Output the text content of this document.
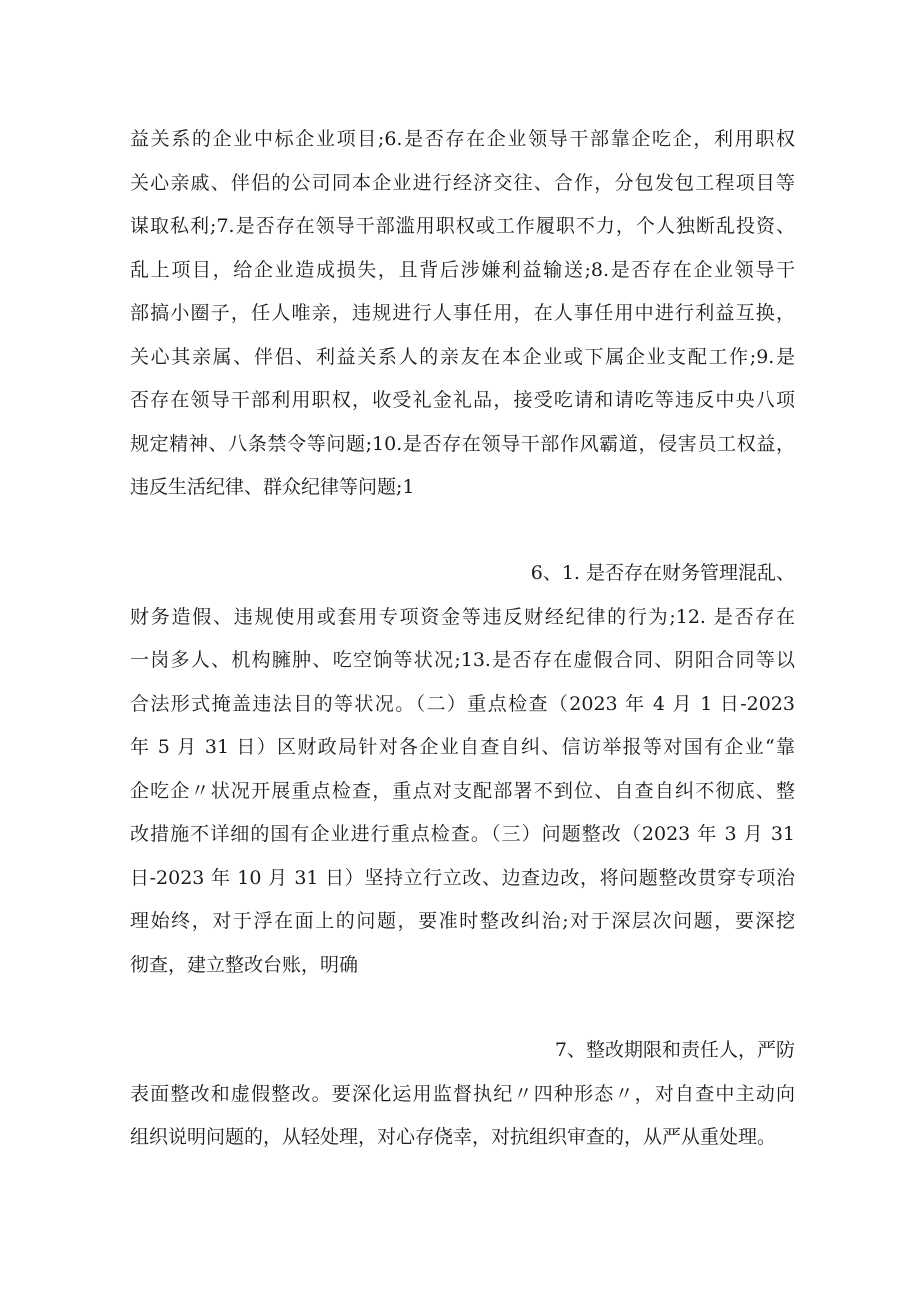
益关系的企业中标企业项目;6.是否存在企业领导干部靠企吃企，利用职权
关心亲戚、伴侣的公司同本企业进行经济交往、合作，分包发包工程项目等
谋取私利;7.是否存在领导干部滥用职权或工作履职不力，个人独断乱投资、
乱上项目，给企业造成损失，且背后涉嫌利益输送;8.是否存在企业领导干
部搞小圈子，任人唯亲，违规进行人事任用，在人事任用中进行利益互换，
关心其亲属、伴侣、利益关系人的亲友在本企业或下属企业支配工作;9.是
否存在领导干部利用职权，收受礼金礼品，接受吃请和请吃等违反中央八项
规定精神、八条禁令等问题;10.是否存在领导干部作风霸道，侵害员工权益，
违反生活纪律、群众纪律等问题;1
6、1. 是否存在财务管理混乱、
财务造假、违规使用或套用专项资金等违反财经纪律的行为;12. 是否存在
一岗多人、机构臃肿、吃空饷等状况;13.是否存在虚假合同、阴阳合同等以
合法形式掩盖违法目的等状况。（二）重点检查（2023 年 4 月 1 日-2023
年 5 月 31 日）区财政局针对各企业自查自纠、信访举报等对国有企业“靠
企吃企〃状况开展重点检查，重点对支配部署不到位、自查自纠不彻底、整
改措施不详细的国有企业进行重点检查。（三）问题整改（2023 年 3 月 31
日-2023 年 10 月 31 日）坚持立行立改、边查边改，将问题整改贯穿专项治
理始终，对于浮在面上的问题，要准时整改纠治;对于深层次问题，要深挖
彻查，建立整改台账，明确
7、整改期限和责任人，严防
表面整改和虚假整改。要深化运用监督执纪〃四种形态〃，对自查中主动向
组织说明问题的，从轻处理，对心存侥幸，对抗组织审查的，从严从重处理。
